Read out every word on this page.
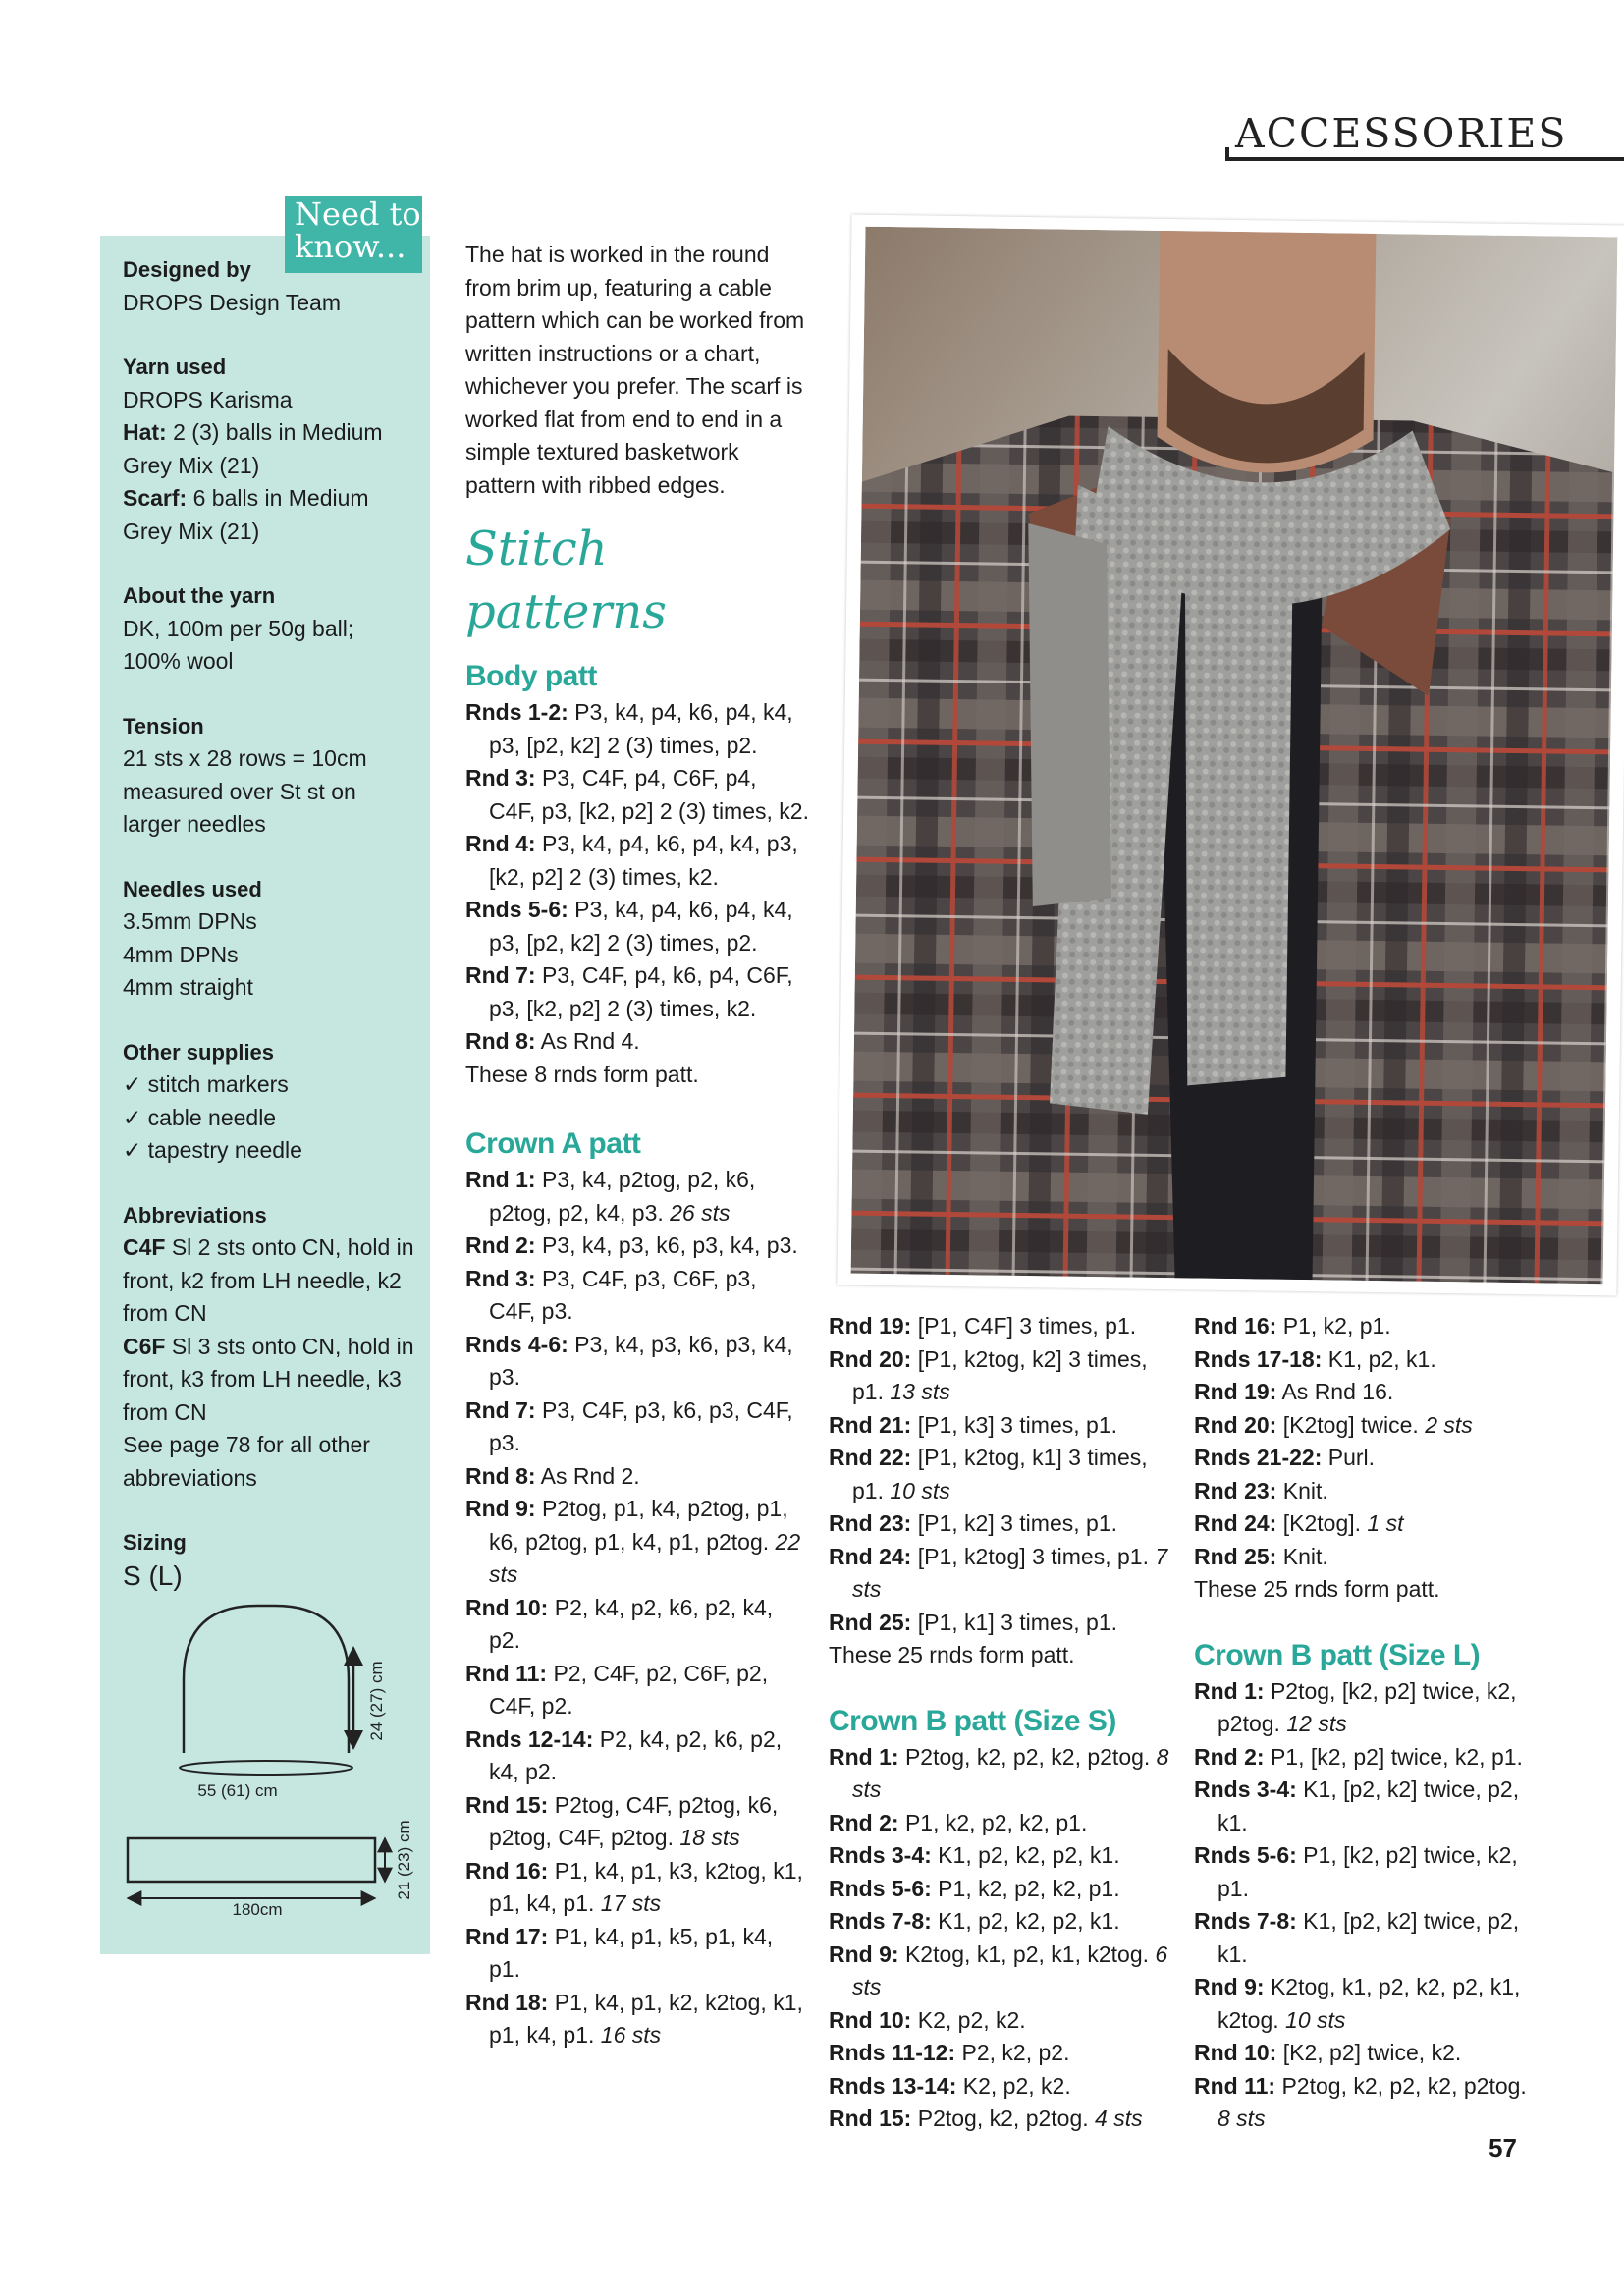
ACCESSORIES
Need to
know...

Designed by

DROPS Design Team

Yarn used

DROPS Karisma

Hat: 2 (3) balls in Medium Grey Mix (21)

Scarf: 6 balls in Medium Grey Mix (21)

About the yarn

DK, 100m per 50g ball; 100% wool

Tension

21 sts x 28 rows = 10cm measured over St st on larger needles

Needles used

3.5mm DPNs

4mm DPNs

4mm straight

Other supplies

✓ stitch markers

✓ cable needle

✓ tapestry needle

Abbreviations

C4F Sl 2 sts onto CN, hold in front, k2 from LH needle, k2 from CN

C6F Sl 3 sts onto CN, hold in front, k3 from LH needle, k3 from CN

See page 78 for all other abbreviations

Sizing

S (L)

24 (27) cm
55 (61) cm
21 (23) cm
180cm

The hat is worked in the round from brim up, featuring a cable pattern which can be worked from written instructions or a chart, whichever you prefer. The scarf is worked flat from end to end in a simple textured basketwork pattern with ribbed edges.

Stitch patterns

Body patt

Rnds 1-2: P3, k4, p4, k6, p4, k4, p3, [p2, k2] 2 (3) times, p2.

Rnd 3: P3, C4F, p4, C6F, p4, C4F, p3, [k2, p2] 2 (3) times, k2.

Rnd 4: P3, k4, p4, k6, p4, k4, p3, [k2, p2] 2 (3) times, k2.

Rnds 5-6: P3, k4, p4, k6, p4, k4, p3, [p2, k2] 2 (3) times, p2.

Rnd 7: P3, C4F, p4, k6, p4, C6F, p3, [k2, p2] 2 (3) times, k2.

Rnd 8: As Rnd 4.

These 8 rnds form patt.

Crown A patt

Rnd 1: P3, k4, p2tog, p2, k6, p2tog, p2, k4, p3. 26 sts

Rnd 2: P3, k4, p3, k6, p3, k4, p3.

Rnd 3: P3, C4F, p3, C6F, p3, C4F, p3.

Rnds 4-6: P3, k4, p3, k6, p3, k4, p3.

Rnd 7: P3, C4F, p3, k6, p3, C4F, p3.

Rnd 8: As Rnd 2.

Rnd 9: P2tog, p1, k4, p2tog, p1, k6, p2tog, p1, k4, p1, p2tog. 22 sts

Rnd 10: P2, k4, p2, k6, p2, k4, p2.

Rnd 11: P2, C4F, p2, C6F, p2, C4F, p2.

Rnds 12-14: P2, k4, p2, k6, p2, k4, p2.

Rnd 15: P2tog, C4F, p2tog, k6, p2tog, C4F, p2tog. 18 sts

Rnd 16: P1, k4, p1, k3, k2tog, k1, p1, k4, p1. 17 sts

Rnd 17: P1, k4, p1, k5, p1, k4, p1.

Rnd 18: P1, k4, p1, k2, k2tog, k1, p1, k4, p1. 16 sts

Rnd 19: [P1, C4F] 3 times, p1.

Rnd 20: [P1, k2tog, k2] 3 times, p1. 13 sts

Rnd 21: [P1, k3] 3 times, p1.

Rnd 22: [P1, k2tog, k1] 3 times, p1. 10 sts

Rnd 23: [P1, k2] 3 times, p1.

Rnd 24: [P1, k2tog] 3 times, p1. 7 sts

Rnd 25: [P1, k1] 3 times, p1.

These 25 rnds form patt.

Crown B patt (Size S)

Rnd 1: P2tog, k2, p2, k2, p2tog. 8 sts

Rnd 2: P1, k2, p2, k2, p1.

Rnds 3-4: K1, p2, k2, p2, k1.

Rnds 5-6: P1, k2, p2, k2, p1.

Rnds 7-8: K1, p2, k2, p2, k1.

Rnd 9: K2tog, k1, p2, k1, k2tog. 6 sts

Rnd 10: K2, p2, k2.

Rnds 11-12: P2, k2, p2.

Rnds 13-14: K2, p2, k2.

Rnd 15: P2tog, k2, p2tog. 4 sts

Rnd 16: P1, k2, p1.

Rnds 17-18: K1, p2, k1.

Rnd 19: As Rnd 16.

Rnd 20: [K2tog] twice. 2 sts

Rnds 21-22: Purl.

Rnd 23: Knit.

Rnd 24: [K2tog]. 1 st

Rnd 25: Knit.

These 25 rnds form patt.

Crown B patt (Size L)

Rnd 1: P2tog, [k2, p2] twice, k2, p2tog. 12 sts

Rnd 2: P1, [k2, p2] twice, k2, p1.

Rnds 3-4: K1, [p2, k2] twice, p2, k1.

Rnds 5-6: P1, [k2, p2] twice, k2, p1.

Rnds 7-8: K1, [p2, k2] twice, p2, k1.

Rnd 9: K2tog, k1, p2, k2, p2, k1, k2tog. 10 sts

Rnd 10: [K2, p2] twice, k2.

Rnd 11: P2tog, k2, p2, k2, p2tog. 8 sts

57
